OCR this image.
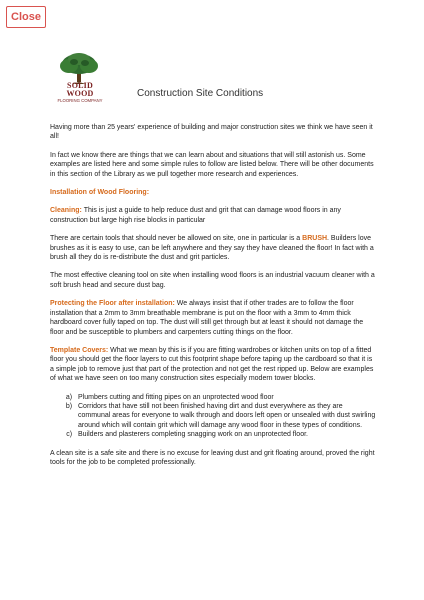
Close
SOLID WOOD
FLOORING COMPANY
Construction Site Conditions

Having more than 25 years' experience of building and major construction sites we think we have seen it all!

In fact we know there are things that we can learn about and situations that will still astonish us. Some examples are listed here and some simple rules to follow are listed below. There will be other documents in this section of the Library as we pull together more research and experiences.

Installation of Wood Flooring:

Cleaning: This is just a guide to help reduce dust and grit that can damage wood floors in any construction but large high rise blocks in particular

There are certain tools that should never be allowed on site, one in particular is a BRUSH. Builders love brushes as it is easy to use, can be left anywhere and they say they have cleaned the floor! In fact with a brush all they do is re-distribute the dust and grit particles.

The most effective cleaning tool on site when installing wood floors is an industrial vacuum cleaner with a soft brush head and secure dust bag.

Protecting the Floor after installation: We always insist that if other trades are to follow the floor installation that a 2mm to 3mm breathable membrane is put on the floor with a 3mm to 4mm thick hardboard cover fully taped on top. The dust will still get through but at least it should not damage the floor and be susceptible to plumbers and carpenters cutting things on the floor.

Template Covers: What we mean by this is if you are fitting wardrobes or kitchen units on top of a fitted floor you should get the floor layers to cut this footprint shape before taping up the cardboard so that it is a simple job to remove just that part of the protection and not get the rest ripped up. Below are examples of what we have seen on too many construction sites especially modern tower blocks.

a. Plumbers cutting and fitting pipes on an unprotected wood floor
b. Corridors that have still not been finished having dirt and dust everywhere as they are communal areas for everyone to walk through and doors left open or unsealed with dust swirling around which will contain grit which will damage any wood floor in these types of conditions.
c. Builders and plasterers completing snagging work on an unprotected floor.

A clean site is a safe site and there is no excuse for leaving dust and grit floating around, proved the right tools for the job to be completed professionally.
